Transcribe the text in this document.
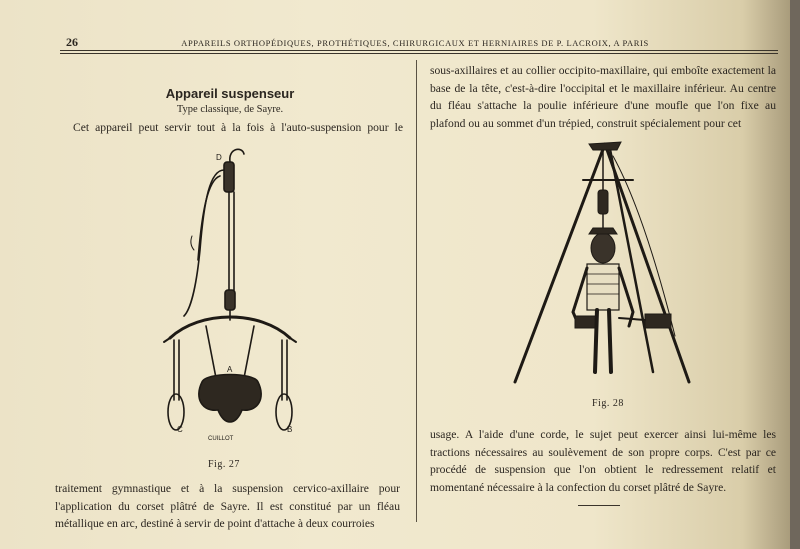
26	APPAREILS ORTHOPÉDIQUES, PROTHÉTIQUES, CHIRURGICAUX ET HERNIAIRES DE P. LACROIX, A PARIS
Appareil suspenseur
Type classique, de Sayre.
Cet appareil peut servir tout à la fois à l'auto-suspension pour le
D
A
C	B
CUILLOT
Fig. 27
traitement gymnastique et à la suspension cervico-axillaire pour l'application du corset plâtré de Sayre. Il est constitué par un fléau métallique en arc, destiné à servir de point d'attache à deux courroies
sous-axillaires et au collier occipito-maxillaire, qui emboîte exactement la base de la tête, c'est-à-dire l'occipital et le maxillaire inférieur. Au centre du fléau s'attache la poulie inférieure d'une moufle que l'on fixe au plafond ou au sommet d'un trépied, construit spécialement pour cet
Fig. 28
usage. A l'aide d'une corde, le sujet peut exercer ainsi lui-même les tractions nécessaires au soulèvement de son propre corps. C'est par ce procédé de suspension que l'on obtient le redressement relatif et momentané nécessaire à la confection du corset plâtré de Sayre.
